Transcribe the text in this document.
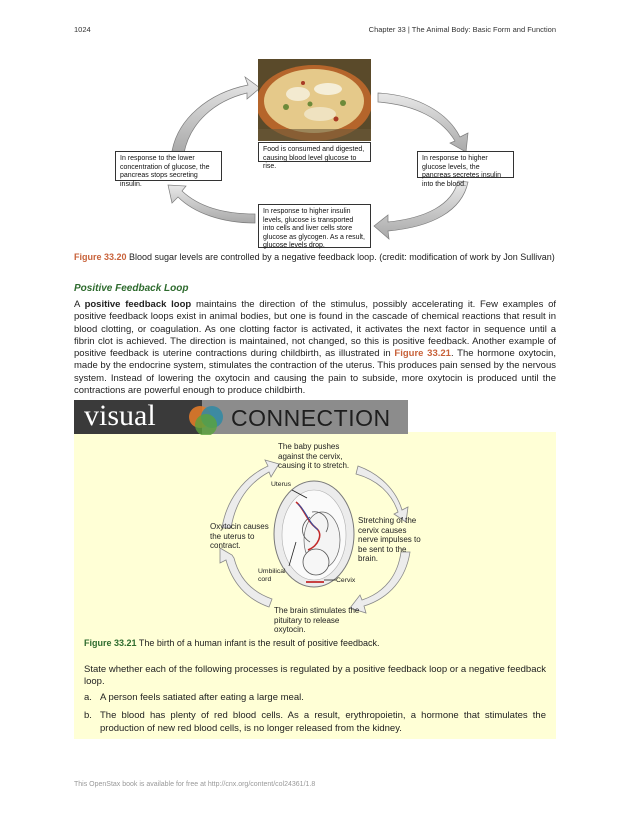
1024	Chapter 33 | The Animal Body: Basic Form and Function
Food is consumed and digested, causing blood level glucose to rise.
In response to higher glucose levels, the pancreas secretes insulin into the blood.
In response to higher insulin levels, glucose is transported into cells and liver cells store glucose as glycogen. As a result, glucose levels drop.
In response to the lower concentration of glucose, the pancreas stops secreting insulin.
Figure 33.20 Blood sugar levels are controlled by a negative feedback loop. (credit: modification of work by Jon Sullivan)
Positive Feedback Loop
A positive feedback loop maintains the direction of the stimulus, possibly accelerating it. Few examples of positive feedback loops exist in animal bodies, but one is found in the cascade of chemical reactions that result in blood clotting, or coagulation. As one clotting factor is activated, it activates the next factor in sequence until a fibrin clot is achieved. The direction is maintained, not changed, so this is positive feedback. Another example of positive feedback is uterine contractions during childbirth, as illustrated in Figure 33.21. The hormone oxytocin, made by the endocrine system, stimulates the contraction of the uterus. This produces pain sensed by the nervous system. Instead of lowering the oxytocin and causing the pain to subside, more oxytocin is produced until the contractions are powerful enough to produce childbirth.
visual	CONNECTION
The baby pushes against the cervix, causing it to stretch.
Stretching of the cervix causes nerve impulses to be sent to the brain.
The brain stimulates the pituitary to release oxytocin.
Oxytocin causes the uterus to contract.
Uterus
Umbilical cord	Cervix
Figure 33.21 The birth of a human infant is the result of positive feedback.
State whether each of the following processes is regulated by a positive feedback loop or a negative feedback loop.
a. A person feels satiated after eating a large meal.
b. The blood has plenty of red blood cells. As a result, erythropoietin, a hormone that stimulates the production of new red blood cells, is no longer released from the kidney.
This OpenStax book is available for free at http://cnx.org/content/col24361/1.8
